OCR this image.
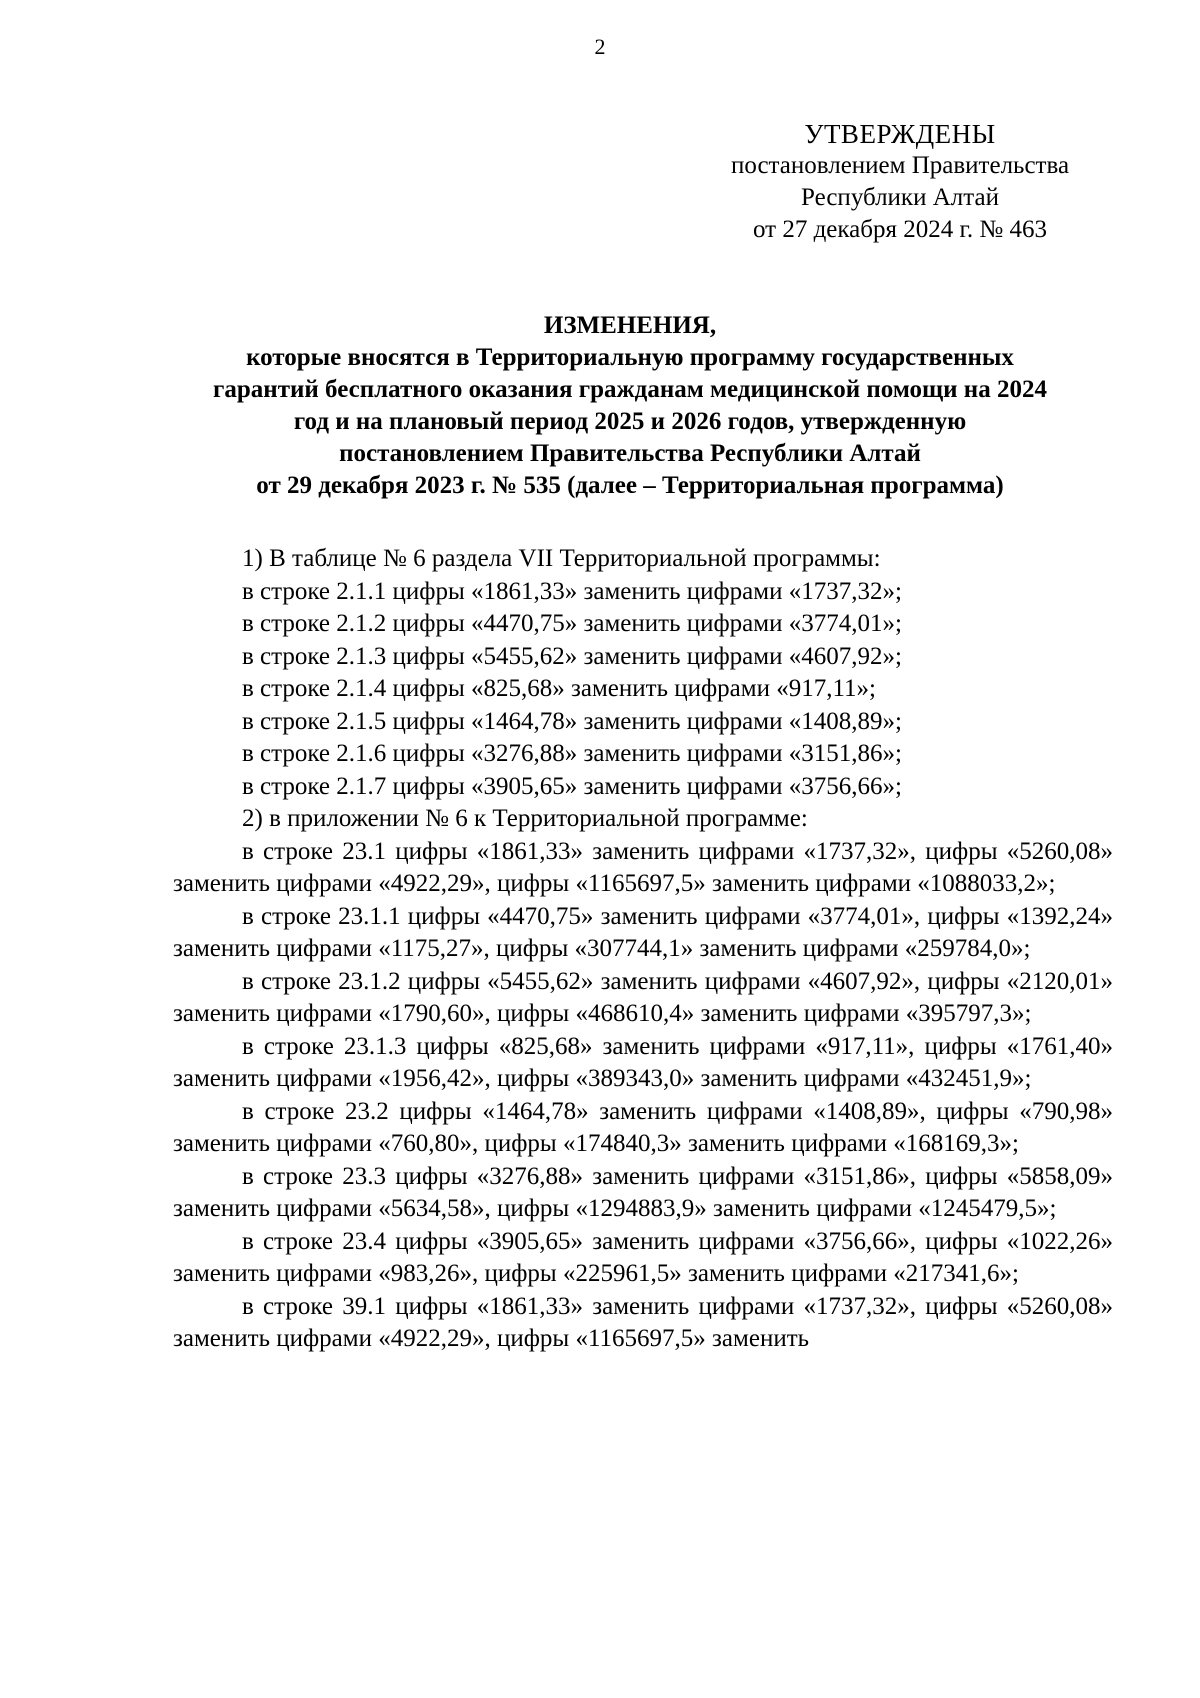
2
УТВЕРЖДЕНЫ
постановлением Правительства
Республики Алтай
от 27 декабря 2024 г. № 463
ИЗМЕНЕНИЯ,
которые вносятся в Территориальную программу государственных
гарантий бесплатного оказания гражданам медицинской помощи на 2024
год и на плановый период 2025 и 2026 годов, утвержденную
постановлением Правительства Республики Алтай
от 29 декабря 2023 г. № 535 (далее – Территориальная программа)

1) В таблице № 6 раздела VII Территориальной программы:

в строке 2.1.1 цифры «1861,33» заменить цифрами «1737,32»;

в строке 2.1.2 цифры «4470,75» заменить цифрами «3774,01»;

в строке 2.1.3 цифры «5455,62» заменить цифрами «4607,92»;

в строке 2.1.4 цифры «825,68» заменить цифрами «917,11»;

в строке 2.1.5 цифры «1464,78» заменить цифрами «1408,89»;

в строке 2.1.6 цифры «3276,88» заменить цифрами «3151,86»;

в строке 2.1.7 цифры «3905,65» заменить цифрами «3756,66»;

2) в приложении № 6 к Территориальной программе:

в строке 23.1 цифры «1861,33» заменить цифрами «1737,32», цифры «5260,08» заменить цифрами «4922,29», цифры «1165697,5» заменить цифрами «1088033,2»;

в строке 23.1.1 цифры «4470,75» заменить цифрами «3774,01», цифры «1392,24» заменить цифрами «1175,27», цифры «307744,1» заменить цифрами «259784,0»;

в строке 23.1.2 цифры «5455,62» заменить цифрами «4607,92», цифры «2120,01» заменить цифрами «1790,60», цифры «468610,4» заменить цифрами «395797,3»;

в строке 23.1.3 цифры «825,68» заменить цифрами «917,11», цифры «1761,40» заменить цифрами «1956,42», цифры «389343,0» заменить цифрами «432451,9»;

в строке 23.2 цифры «1464,78» заменить цифрами «1408,89», цифры «790,98» заменить цифрами «760,80», цифры «174840,3» заменить цифрами «168169,3»;

в строке 23.3 цифры «3276,88» заменить цифрами «3151,86», цифры «5858,09» заменить цифрами «5634,58», цифры «1294883,9» заменить цифрами «1245479,5»;

в строке 23.4 цифры «3905,65» заменить цифрами «3756,66», цифры «1022,26» заменить цифрами «983,26», цифры «225961,5» заменить цифрами «217341,6»;

в строке 39.1 цифры «1861,33» заменить цифрами «1737,32», цифры «5260,08» заменить цифрами «4922,29», цифры «1165697,5» заменить
